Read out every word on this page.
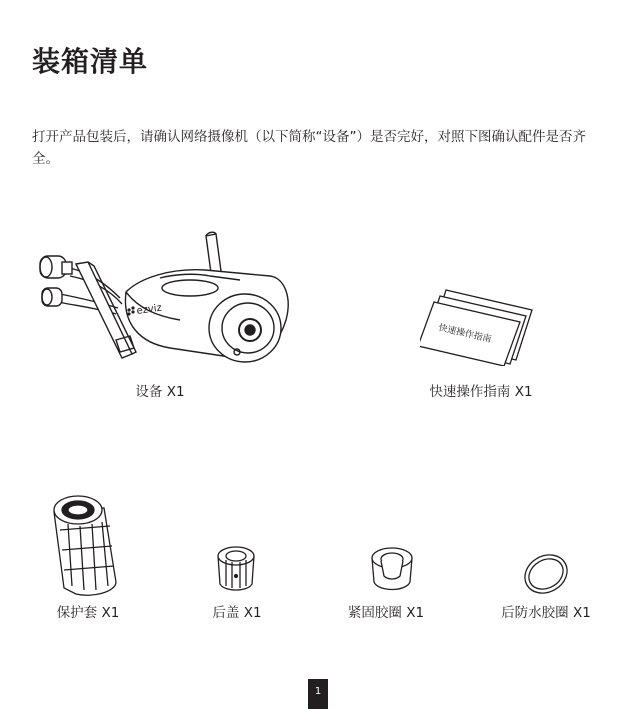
装箱清单
打开产品包装后，请确认网络摄像机（以下简称“设备”）是否完好，对照下图确认配件是否齐全。
ezviz
设备 X1
快速操作指南
快速操作指南 X1
保护套 X1	后盖 X1	紧固胶圈 X1	后防水胶圈 X1
1
